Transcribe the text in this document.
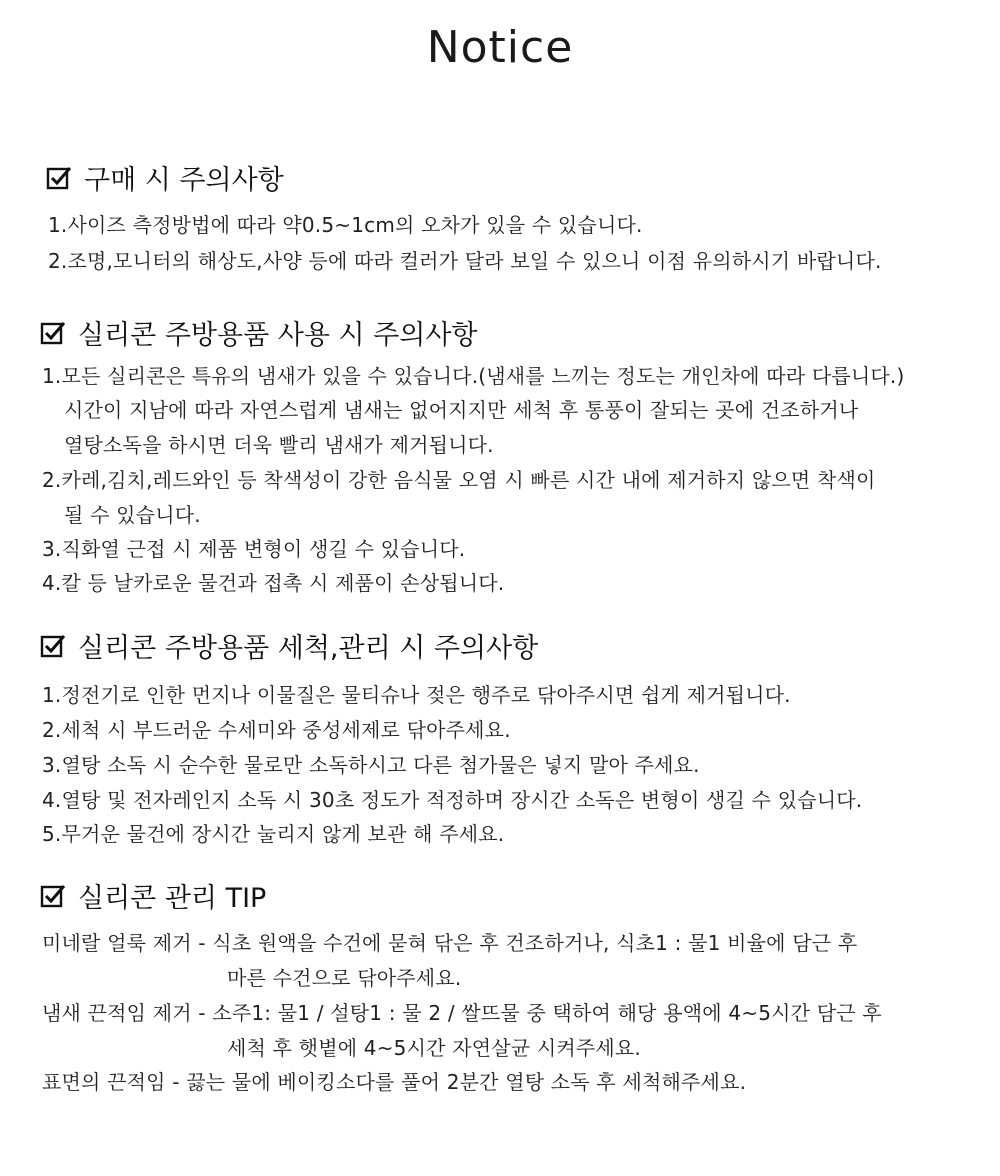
Notice
구매 시 주의사항
1.사이즈 측정방법에 따라 약0.5~1cm의 오차가 있을 수 있습니다.
2.조명,모니터의 해상도,사양 등에 따라 컬러가 달라 보일 수 있으니 이점 유의하시기 바랍니다.
실리콘 주방용품 사용 시 주의사항
1.모든 실리콘은 특유의 냄새가 있을 수 있습니다.(냄새를 느끼는 정도는 개인차에 따라 다릅니다.)
시간이 지남에 따라 자연스럽게 냄새는 없어지지만 세척 후 통풍이 잘되는 곳에 건조하거나
열탕소독을 하시면 더욱 빨리 냄새가 제거됩니다.
2.카레,김치,레드와인 등 착색성이 강한 음식물 오염 시 빠른 시간 내에 제거하지 않으면 착색이
될 수 있습니다.
3.직화열 근접 시 제품 변형이 생길 수 있습니다.
4.칼 등 날카로운 물건과 접촉 시 제품이 손상됩니다.
실리콘 주방용품 세척,관리 시 주의사항
1.정전기로 인한 먼지나 이물질은 물티슈나 젖은 행주로 닦아주시면 쉽게 제거됩니다.
2.세척 시 부드러운 수세미와 중성세제로 닦아주세요.
3.열탕 소독 시 순수한 물로만 소독하시고 다른 첨가물은 넣지 말아 주세요.
4.열탕 및 전자레인지 소독 시 30초 정도가 적정하며 장시간 소독은 변형이 생길 수 있습니다.
5.무거운 물건에 장시간 눌리지 않게 보관 해 주세요.
실리콘 관리 TIP
미네랄 얼룩 제거 - 식초 원액을 수건에 묻혀 닦은 후 건조하거나, 식초1 : 물1 비율에 담근 후
마른 수건으로 닦아주세요.
냄새 끈적임 제거 - 소주1: 물1 / 설탕1 : 물 2 / 쌀뜨물 중 택하여 해당 용액에 4~5시간 담근 후
세척 후 햇볕에 4~5시간 자연살균 시켜주세요.
표면의 끈적임 - 끓는 물에 베이킹소다를 풀어 2분간 열탕 소독 후 세척해주세요.
